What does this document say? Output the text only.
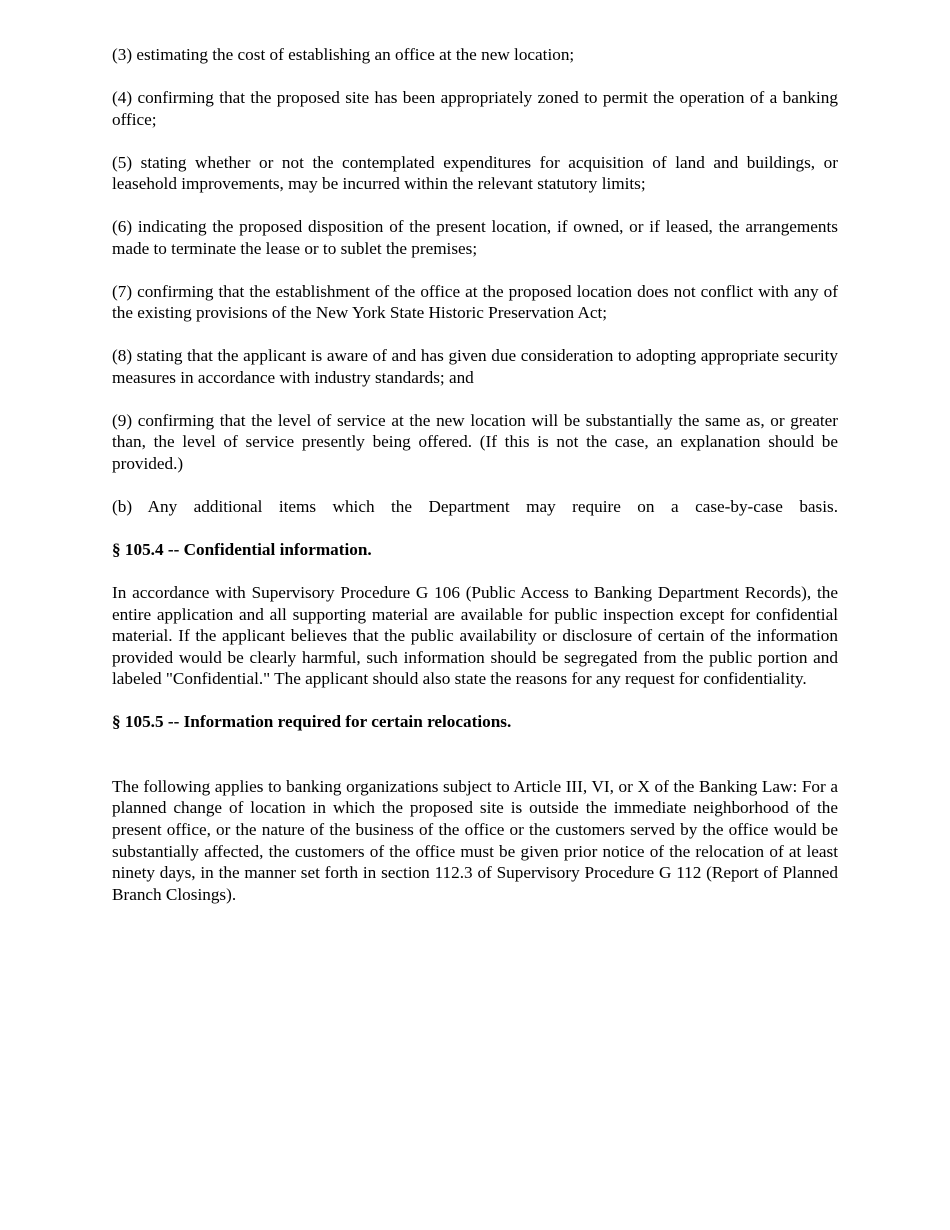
(3) estimating the cost of establishing an office at the new location;

(4) confirming that the proposed site has been appropriately zoned to permit the operation of a banking office;

(5) stating whether or not the contemplated expenditures for acquisition of land and buildings, or leasehold improvements, may be incurred within the relevant statutory limits;

(6) indicating the proposed disposition of the present location, if owned, or if leased, the arrangements made to terminate the lease or to sublet the premises;

(7) confirming that the establishment of the office at the proposed location does not conflict with any of the existing provisions of the New York State Historic Preservation Act;

(8) stating that the applicant is aware of and has given due consideration to adopting appropriate security measures in accordance with industry standards; and

(9) confirming that the level of service at the new location will be substantially the same as, or greater than, the level of service presently being offered. (If this is not the case, an explanation should be provided.)

(b) Any additional items which the Department may require on a case-by-case basis.

§ 105.4 -- Confidential information.

In accordance with Supervisory Procedure G 106 (Public Access to Banking Department Records), the entire application and all supporting material are available for public inspection except for confidential material. If the applicant believes that the public availability or disclosure of certain of the information provided would be clearly harmful, such information should be segregated from the public portion and labeled "Confidential." The applicant should also state the reasons for any request for confidentiality.

§ 105.5 -- Information required for certain relocations.

The following applies to banking organizations subject to Article III, VI, or X of the Banking Law: For a planned change of location in which the proposed site is outside the immediate neighborhood of the present office, or the nature of the business of the office or the customers served by the office would be substantially affected, the customers of the office must be given prior notice of the relocation of at least ninety days, in the manner set forth in section 112.3 of Supervisory Procedure G 112 (Report of Planned Branch Closings).
